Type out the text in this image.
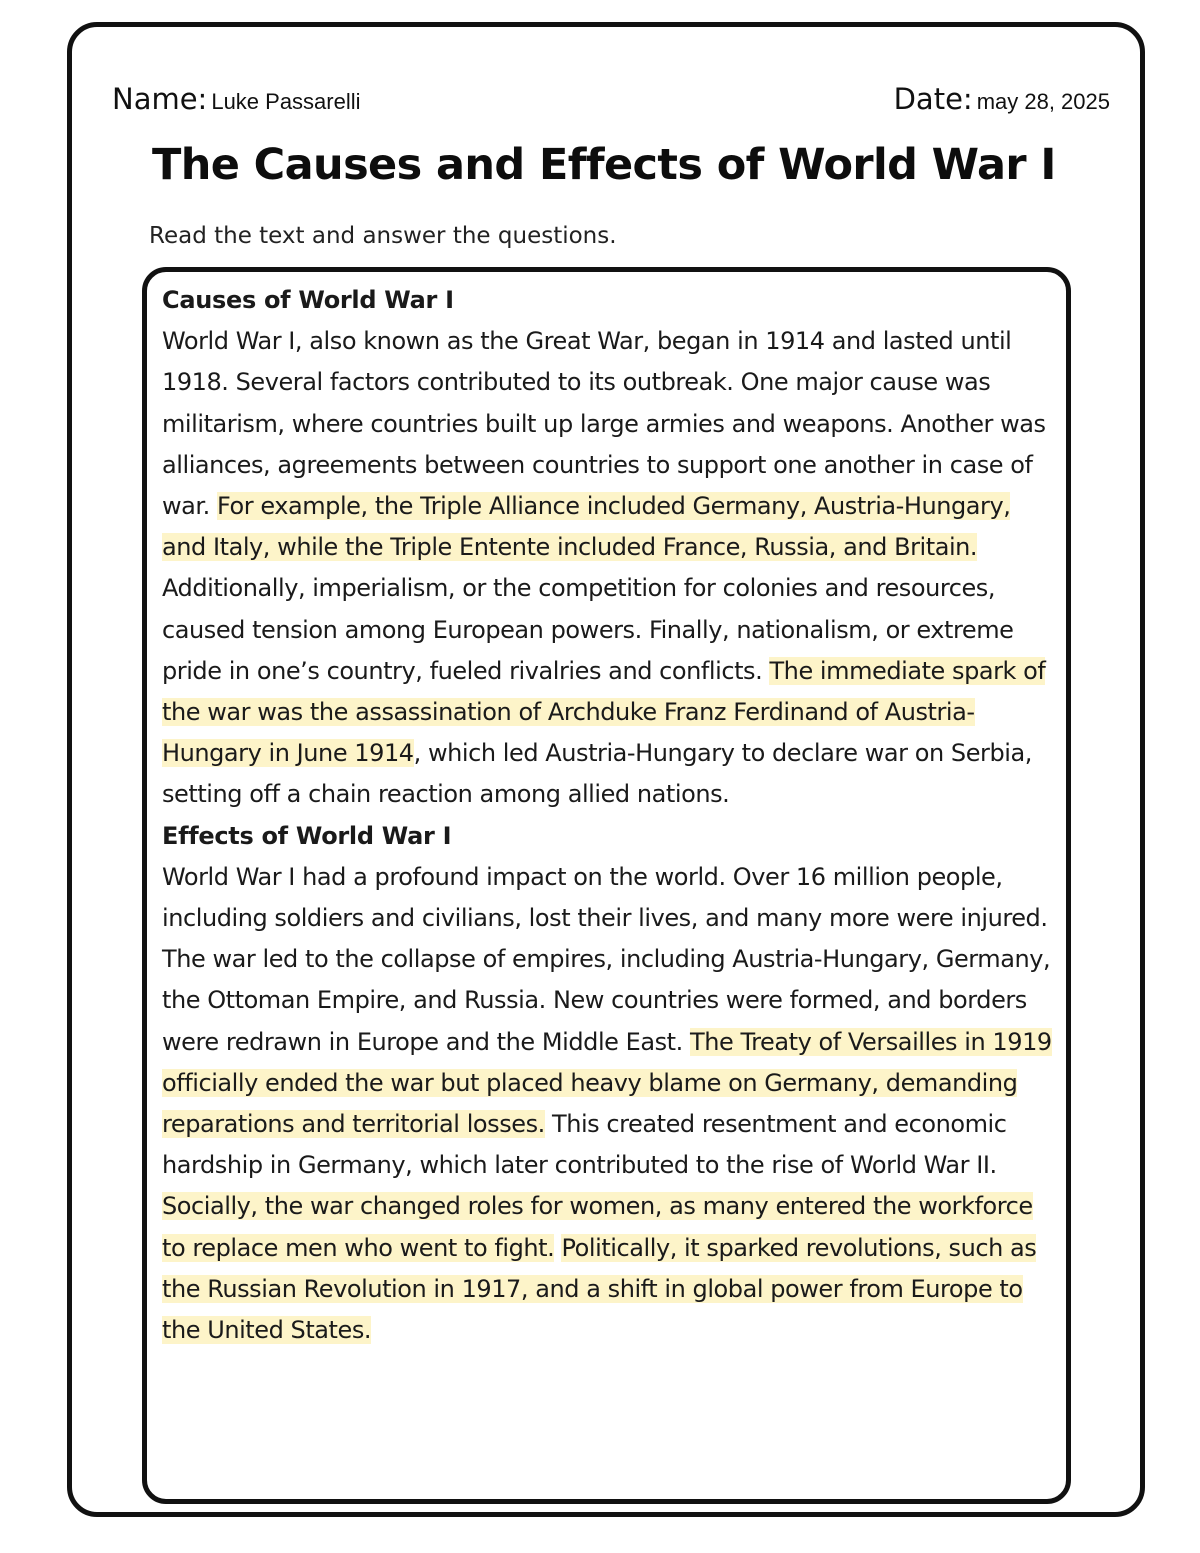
Name: Luke Passarelli	Date: may 28, 2025
The Causes and Effects of World War I

Read the text and answer the questions.

Causes of World War I

World War I, also known as the Great War, began in 1914 and lasted until 1918. Several factors contributed to its outbreak. One major cause was militarism, where countries built up large armies and weapons. Another was alliances, agreements between countries to support one another in case of war. For example, the Triple Alliance included Germany, Austria-Hungary, and Italy, while the Triple Entente included France, Russia, and Britain. Additionally, imperialism, or the competition for colonies and resources, caused tension among European powers. Finally, nationalism, or extreme pride in one’s country, fueled rivalries and conflicts. The immediate spark of the war was the assassination of Archduke Franz Ferdinand of Austria-Hungary in June 1914, which led Austria-Hungary to declare war on Serbia, setting off a chain reaction among allied nations.

Effects of World War I

World War I had a profound impact on the world. Over 16 million people, including soldiers and civilians, lost their lives, and many more were injured. The war led to the collapse of empires, including Austria-Hungary, Germany, the Ottoman Empire, and Russia. New countries were formed, and borders were redrawn in Europe and the Middle East. The Treaty of Versailles in 1919 officially ended the war but placed heavy blame on Germany, demanding reparations and territorial losses. This created resentment and economic hardship in Germany, which later contributed to the rise of World War II. Socially, the war changed roles for women, as many entered the workforce to replace men who went to fight. Politically, it sparked revolutions, such as the Russian Revolution in 1917, and a shift in global power from Europe to the United States.
